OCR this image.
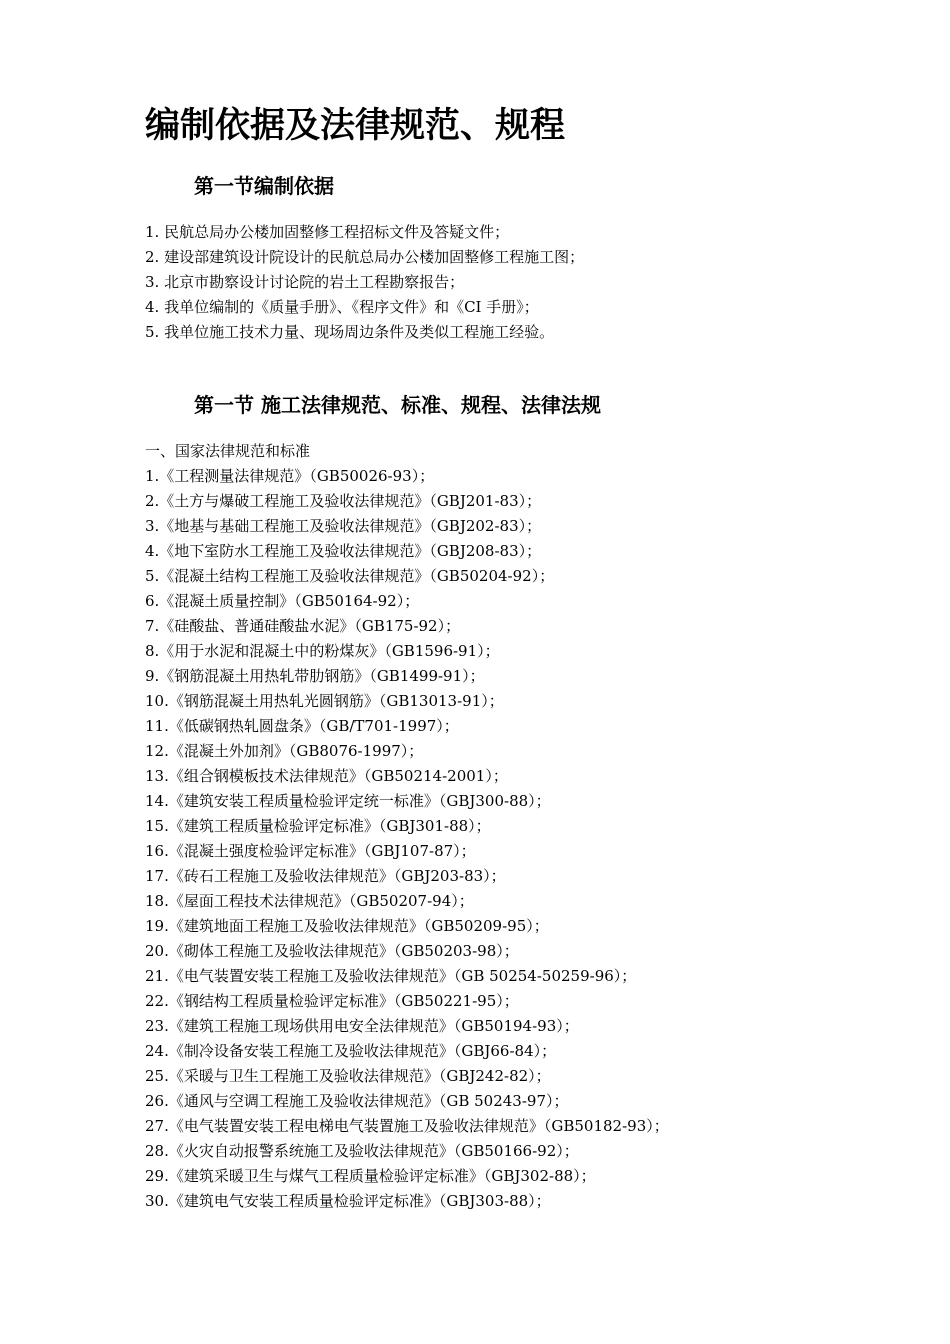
编制依据及法律规范、规程
第一节编制依据
1. 民航总局办公楼加固整修工程招标文件及答疑文件；
2. 建设部建筑设计院设计的民航总局办公楼加固整修工程施工图；
3. 北京市勘察设计讨论院的岩土工程勘察报告；
4. 我单位编制的《质量手册》、《程序文件》和《CI 手册》；
5. 我单位施工技术力量、现场周边条件及类似工程施工经验。
第一节 施工法律规范、标准、规程、法律法规
一、国家法律规范和标准
1.《工程测量法律规范》（GB50026-93）；
2.《土方与爆破工程施工及验收法律规范》（GBJ201-83）；
3.《地基与基础工程施工及验收法律规范》（GBJ202-83）；
4.《地下室防水工程施工及验收法律规范》（GBJ208-83）；
5.《混凝土结构工程施工及验收法律规范》（GB50204-92）；
6.《混凝土质量控制》（GB50164-92）；
7.《硅酸盐、普通硅酸盐水泥》（GB175-92）；
8.《用于水泥和混凝土中的粉煤灰》（GB1596-91）；
9.《钢筋混凝土用热轧带肋钢筋》（GB1499-91）；
10.《钢筋混凝土用热轧光圆钢筋》（GB13013-91）；
11.《低碳钢热轧圆盘条》（GB/T701-1997）；
12.《混凝土外加剂》（GB8076-1997）；
13.《组合钢模板技术法律规范》（GB50214-2001）；
14.《建筑安装工程质量检验评定统一标准》（GBJ300-88）；
15.《建筑工程质量检验评定标准》（GBJ301-88）；
16.《混凝土强度检验评定标准》（GBJ107-87）；
17.《砖石工程施工及验收法律规范》（GBJ203-83）；
18.《屋面工程技术法律规范》（GB50207-94）；
19.《建筑地面工程施工及验收法律规范》（GB50209-95）；
20.《砌体工程施工及验收法律规范》（GB50203-98）；
21.《电气装置安装工程施工及验收法律规范》（GB 50254-50259-96）；
22.《钢结构工程质量检验评定标准》（GB50221-95）；
23.《建筑工程施工现场供用电安全法律规范》（GB50194-93）；
24.《制冷设备安装工程施工及验收法律规范》（GBJ66-84）；
25.《采暖与卫生工程施工及验收法律规范》（GBJ242-82）；
26.《通风与空调工程施工及验收法律规范》（GB 50243-97）；
27.《电气装置安装工程电梯电气装置施工及验收法律规范》（GB50182-93）；
28.《火灾自动报警系统施工及验收法律规范》（GB50166-92）；
29.《建筑采暖卫生与煤气工程质量检验评定标准》（GBJ302-88）；
30.《建筑电气安装工程质量检验评定标准》（GBJ303-88）；
